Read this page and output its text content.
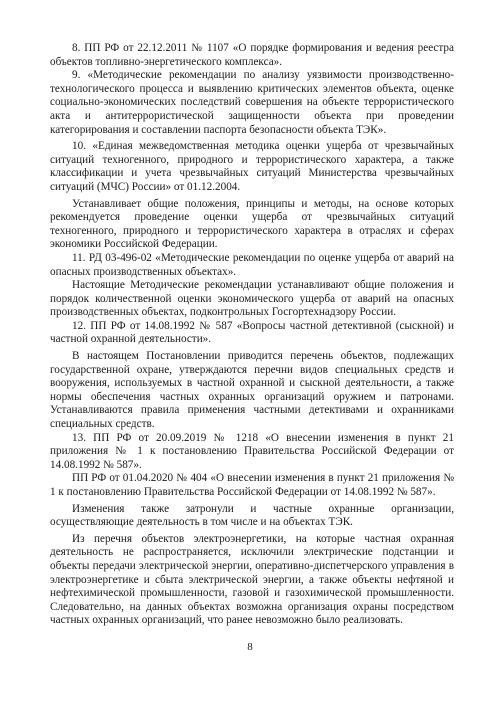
8. ПП РФ от 22.12.2011 № 1107 «О порядке формирования и ведения реестра объектов топливно-энергетического комплекса».

9. «Методические рекомендации по анализу уязвимости производственно-технологического процесса и выявлению критических элементов объекта, оценке социально-экономических последствий совершения на объекте террористического акта и антитеррористической защищенности объекта при проведении категорирования и составлении паспорта безопасности объекта ТЭК».

10. «Единая межведомственная методика оценки ущерба от чрезвычайных ситуаций техногенного, природного и террористического характера, а также классификации и учета чрезвычайных ситуаций Министерства чрезвычайных ситуаций (МЧС) России» от 01.12.2004.

Устанавливает общие положения, принципы и методы, на основе которых рекомендуется проведение оценки ущерба от чрезвычайных ситуаций техногенного, природного и террористического характера в отраслях и сферах экономики Российской Федерации.

11. РД 03-496-02 «Методические рекомендации по оценке ущерба от аварий на опасных производственных объектах».

Настоящие Методические рекомендации устанавливают общие положения и порядок количественной оценки экономического ущерба от аварий на опасных производственных объектах, подконтрольных Госгортехнадзору России.

12. ПП РФ от 14.08.1992 № 587 «Вопросы частной детективной (сыскной) и частной охранной деятельности».

В настоящем Постановлении приводится перечень объектов, подлежащих государственной охране, утверждаются перечни видов специальных средств и вооружения, используемых в частной охранной и сыскной деятельности, а также нормы обеспечения частных охранных организаций оружием и патронами. Устанавливаются правила применения частными детективами и охранниками специальных средств.

13. ПП РФ от 20.09.2019 № 1218 «О внесении изменения в пункт 21 приложения № 1 к постановлению Правительства Российской Федерации от 14.08.1992 № 587».

ПП РФ от 01.04.2020 № 404 «О внесении изменения в пункт 21 приложения № 1 к постановлению Правительства Российской Федерации от 14.08.1992 № 587».

Изменения также затронули и частные охранные организации, осуществляющие деятельность в том числе и на объектах ТЭК.

Из перечня объектов электроэнергетики, на которые частная охранная деятельность не распространяется, исключили электрические подстанции и объекты передачи электрической энергии, оперативно-диспетчерского управления в электроэнергетике и сбыта электрической энергии, а также объекты нефтяной и нефтехимической промышленности, газовой и газохимической промышленности. Следовательно, на данных объектах возможна организация охраны посредством частных охранных организаций, что ранее невозможно было реализовать.

8
